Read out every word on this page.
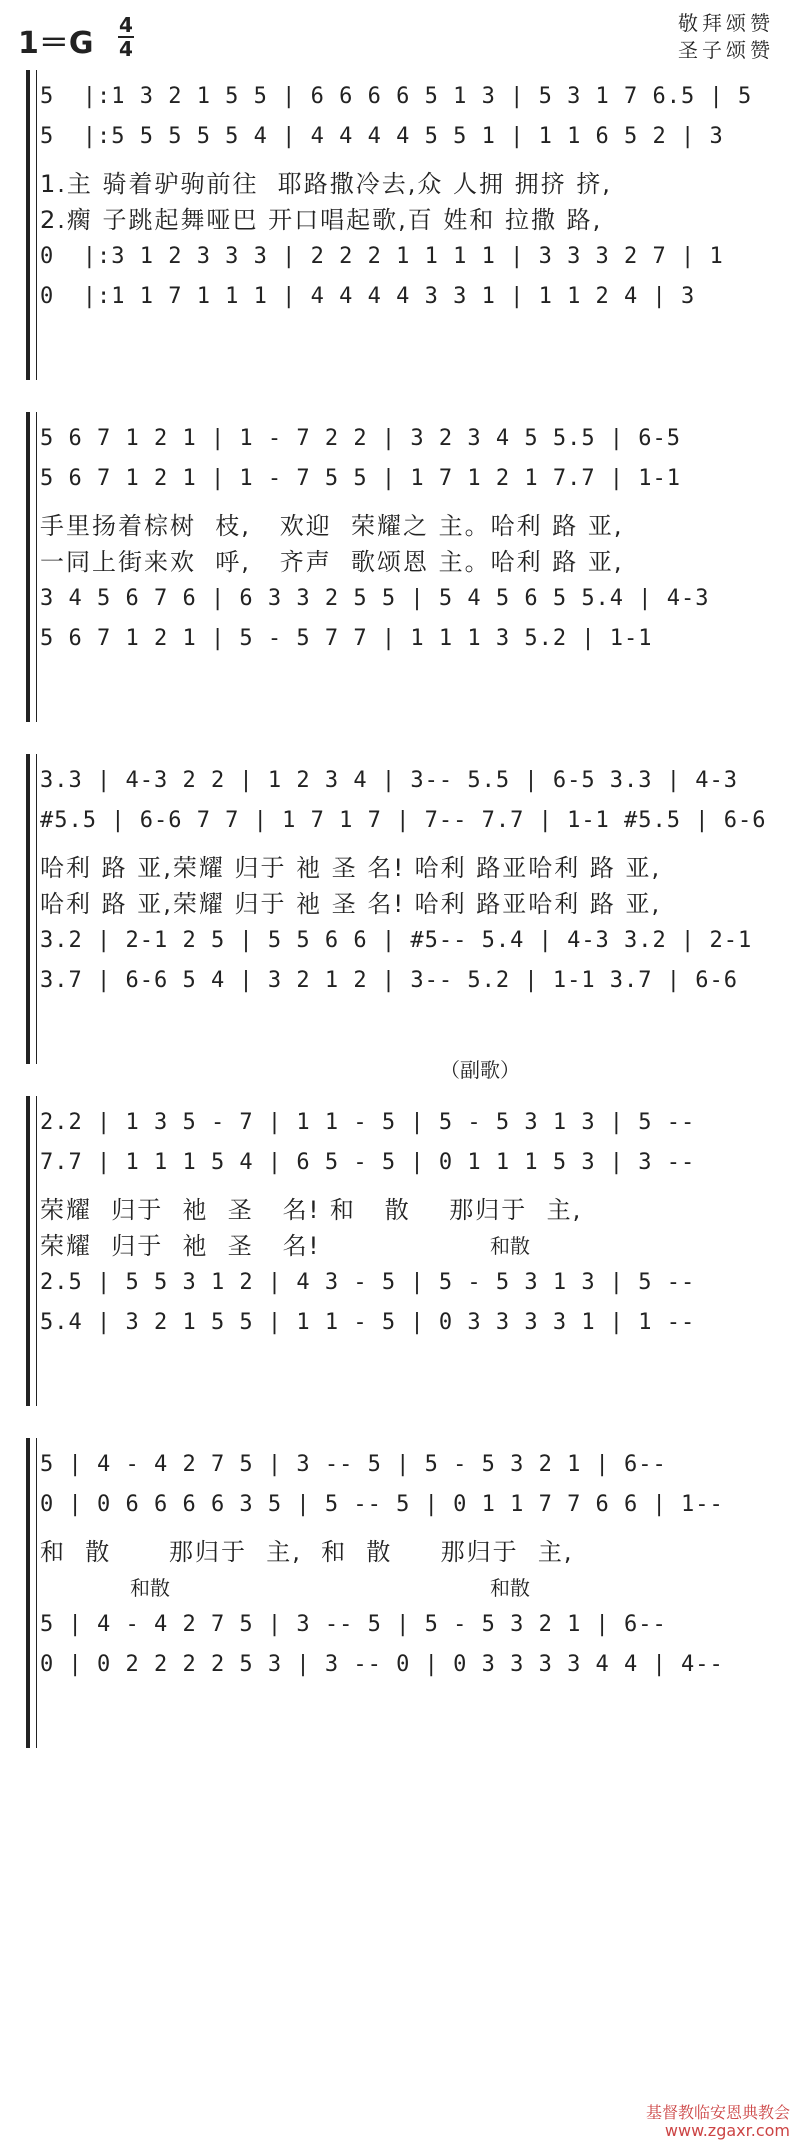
1＝G
4
4
敬拜颂赞
圣子颂赞
5  |:1 3 2 1 5 5 | 6 6 6 6 5 1 3 | 5 3 1 7 6.5 | 5
5  |:5 5 5 5 5 4 | 4 4 4 4 5 5 1 | 1 1 6 5 2 | 3
0  |:3 1 2 3 3 3 | 2 2 2 1 1 1 1 | 3 3 3 2 7 | 1
0  |:1 1 7 1 1 1 | 4 4 4 4 3 3 1 | 1 1 2 4 | 3
1.主 骑着驴驹前往  耶路撒冷去,众 人拥 拥挤 挤,
2.瘸 子跳起舞哑巴 开口唱起歌,百 姓和 拉撒 路,
5 6 7 1 2 1 | 1 - 7 2 2 | 3 2 3 4 5 5.5 | 6-5
5 6 7 1 2 1 | 1 - 7 5 5 | 1 7 1 2 1 7.7 | 1-1
3 4 5 6 7 6 | 6 3 3 2 5 5 | 5 4 5 6 5 5.4 | 4-3
5 6 7 1 2 1 | 5 - 5 7 7 | 1 1 1 3 5.2 | 1-1
手里扬着棕树  枝,   欢迎  荣耀之 主。哈利 路 亚,
一同上街来欢  呼,   齐声  歌颂恩 主。哈利 路 亚,
3.3 | 4-3 2 2 | 1 2 3 4 | 3-- 5.5 | 6-5 3.3 | 4-3
#5.5 | 6-6 7 7 | 1 7 1 7 | 7-- 7.7 | 1-1 #5.5 | 6-6
3.2 | 2-1 2 5 | 5 5 6 6 | #5-- 5.4 | 4-3 3.2 | 2-1
3.7 | 6-6 5 4 | 3 2 1 2 | 3-- 5.2 | 1-1 3.7 | 6-6
哈利 路 亚,荣耀 归于 祂 圣 名! 哈利 路亚哈利 路 亚,
哈利 路 亚,荣耀 归于 祂 圣 名! 哈利 路亚哈利 路 亚,
（副歌）
2.2 | 1 3 5 - 7 | 1 1 - 5 | 5 - 5 3 1 3 | 5 --
7.7 | 1 1 1 5 4 | 6 5 - 5 | 0 1 1 1 5 3 | 3 --
2.5 | 5 5 3 1 2 | 4 3 - 5 | 5 - 5 3 1 3 | 5 --
5.4 | 3 2 1 5 5 | 1 1 - 5 | 0 3 3 3 3 1 | 1 --
荣耀  归于  祂  圣   名! 和   散    那归于  主,
荣耀  归于  祂  圣   名!	和散
5 | 4 - 4 2 7 5 | 3 -- 5 | 5 - 5 3 2 1 | 6--
0 | 0 6 6 6 6 3 5 | 5 -- 5 | 0 1 1 7 7 6 6 | 1--
5 | 4 - 4 2 7 5 | 3 -- 5 | 5 - 5 3 2 1 | 6--
0 | 0 2 2 2 2 5 3 | 3 -- 0 | 0 3 3 3 3 4 4 | 4--
和  散      那归于  主,  和  散     那归于  主,
和散	和散
基督教临安恩典教会
www.zgaxr.com
